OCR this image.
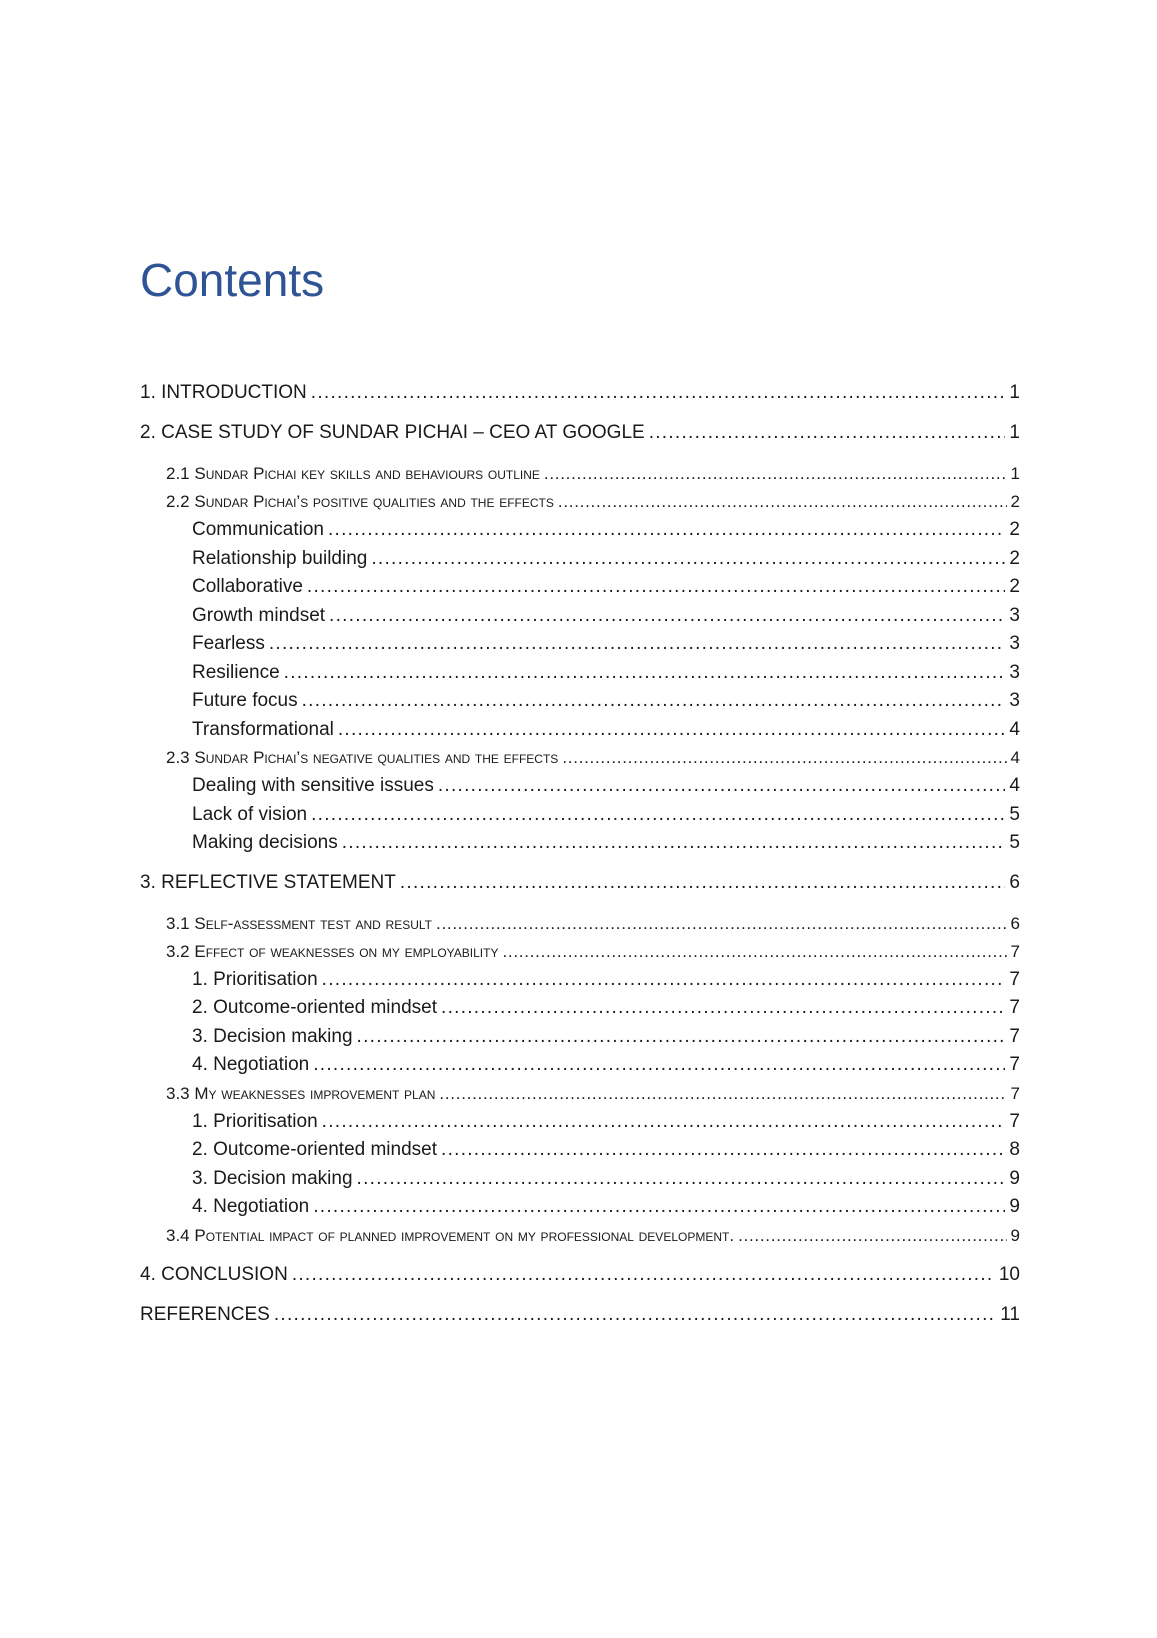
Contents
1. INTRODUCTION . . .	1
2. CASE STUDY OF SUNDAR PICHAI – CEO AT GOOGLE . . .	1
2.1 Sundar Pichai key skills and behaviours outline . . .	1
2.2 Sundar Pichai’s positive qualities and the effects . . .	2
Communication . . .	2
Relationship building . . .	2
Collaborative . . .	2
Growth mindset . . .	3
Fearless . . .	3
Resilience . . .	3
Future focus . . .	3
Transformational . . .	4
2.3 Sundar Pichai’s negative qualities and the effects . . .	4
Dealing with sensitive issues . . .	4
Lack of vision . . .	5
Making decisions . . .	5
3. REFLECTIVE STATEMENT . . .	6
3.1 Self-assessment test and result . . .	6
3.2 Effect of weaknesses on my employability . . .	7
1. Prioritisation . . .	7
2. Outcome-oriented mindset . . .	7
3. Decision making . . .	7
4. Negotiation . . .	7
3.3 My weaknesses improvement plan . . .	7
1. Prioritisation . . .	7
2. Outcome-oriented mindset . . .	8
3. Decision making . . .	9
4. Negotiation . . .	9
3.4 Potential impact of planned improvement on my professional development. . . .	9
4. CONCLUSION . . .	10
REFERENCES . . .	11
